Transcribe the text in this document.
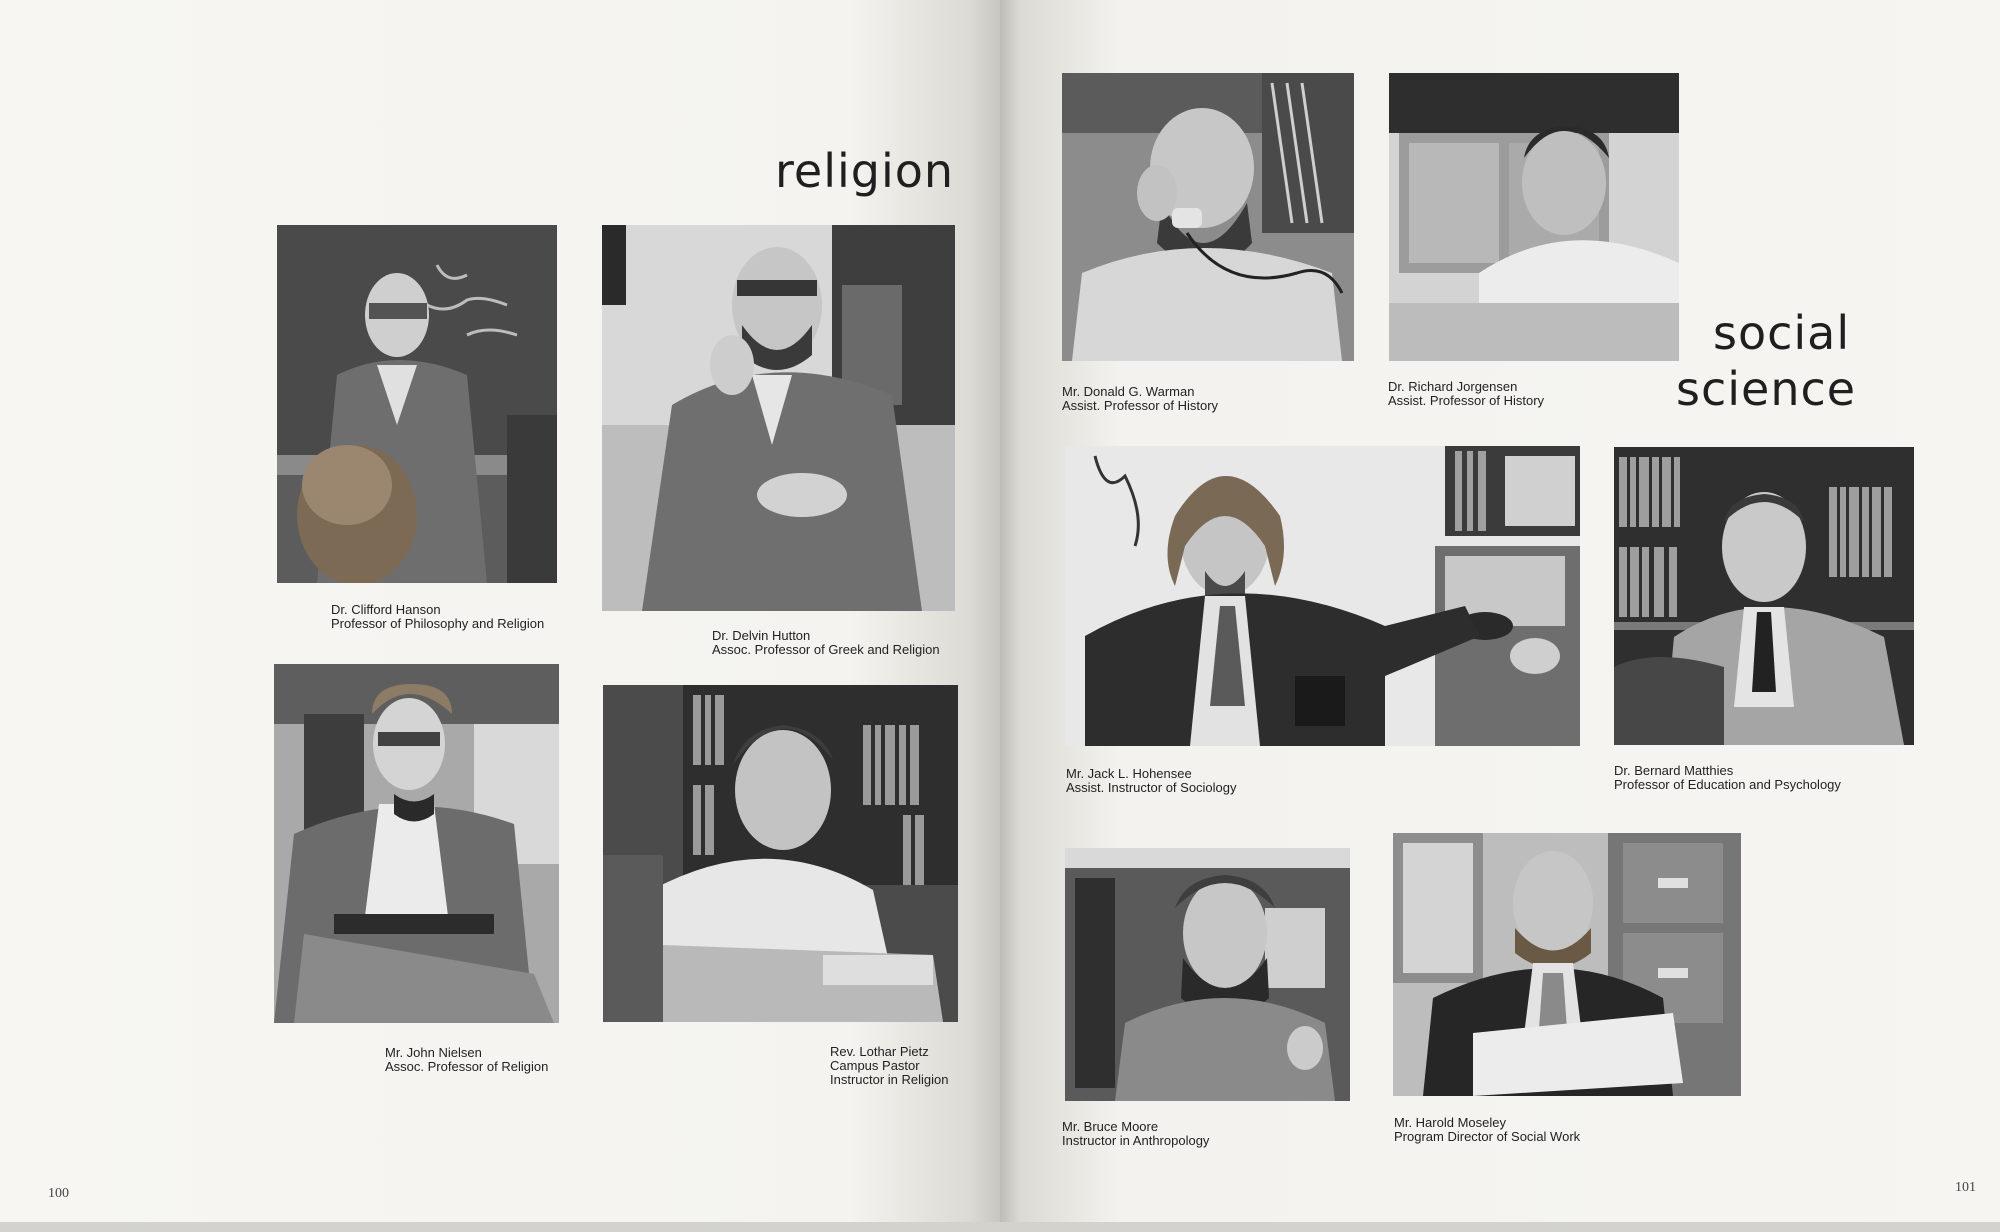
religion
Dr. Clifford Hanson
Professor of Philosophy and Religion
Dr. Delvin Hutton
Assoc. Professor of Greek and Religion
Mr. John Nielsen
Assoc. Professor of Religion
Rev. Lothar Pietz
Campus Pastor
Instructor in Religion
100
Mr. Donald G. Warman
Assist. Professor of History
Dr. Richard Jorgensen
Assist. Professor of History
social
science
Mr. Jack L. Hohensee
Assist. Instructor of Sociology
Dr. Bernard Matthies
Professor of Education and Psychology
Mr. Bruce Moore
Instructor in Anthropology
Mr. Harold Moseley
Program Director of Social Work
101
